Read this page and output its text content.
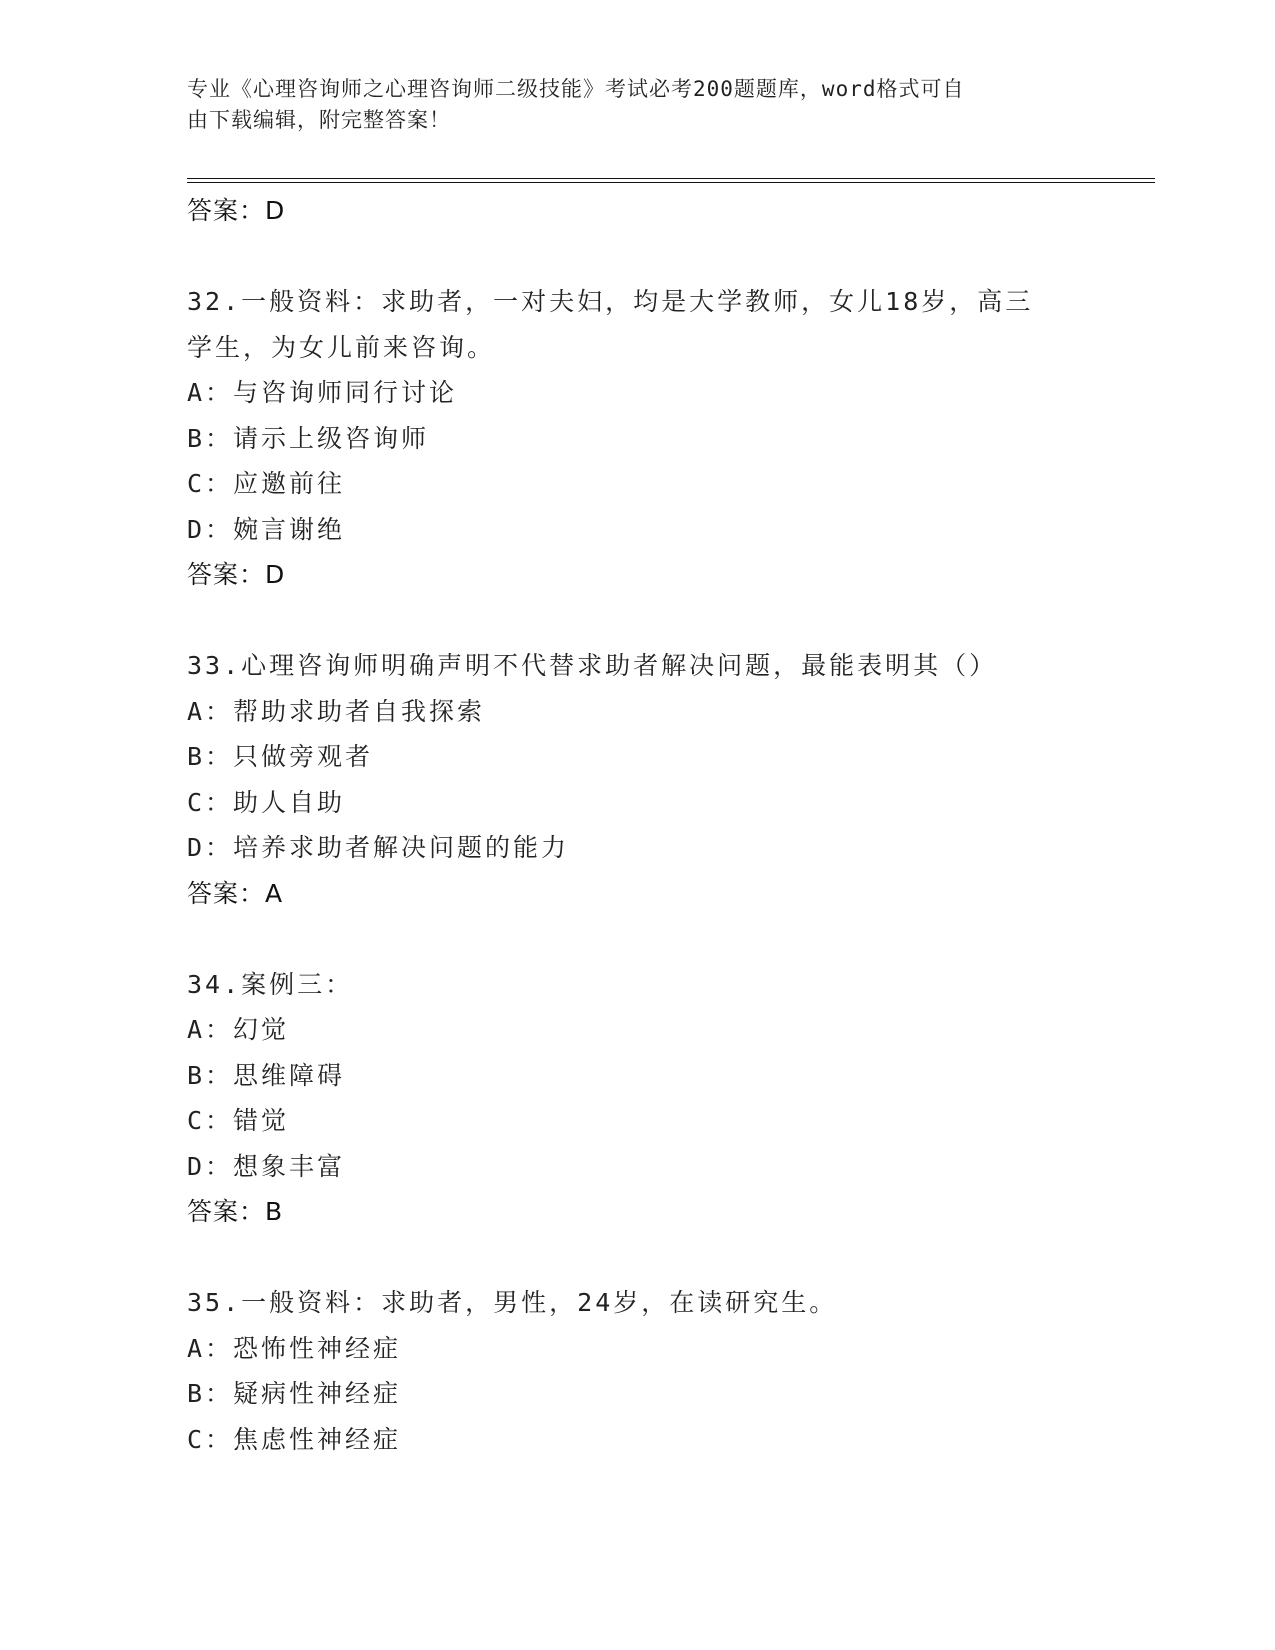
专业《心理咨询师之心理咨询师二级技能》考试必考200题题库，word格式可自
由下载编辑，附完整答案！
答案：D
32.一般资料：求助者，一对夫妇，均是大学教师，女儿18岁，高三
学生，为女儿前来咨询。
A：与咨询师同行讨论
B：请示上级咨询师
C：应邀前往
D：婉言谢绝
答案：D
33.心理咨询师明确声明不代替求助者解决问题，最能表明其（）
A：帮助求助者自我探索
B：只做旁观者
C：助人自助
D：培养求助者解决问题的能力
答案：A
34.案例三：
A：幻觉
B：思维障碍
C：错觉
D：想象丰富
答案：B
35.一般资料：求助者，男性，24岁，在读研究生。
A：恐怖性神经症
B：疑病性神经症
C：焦虑性神经症
